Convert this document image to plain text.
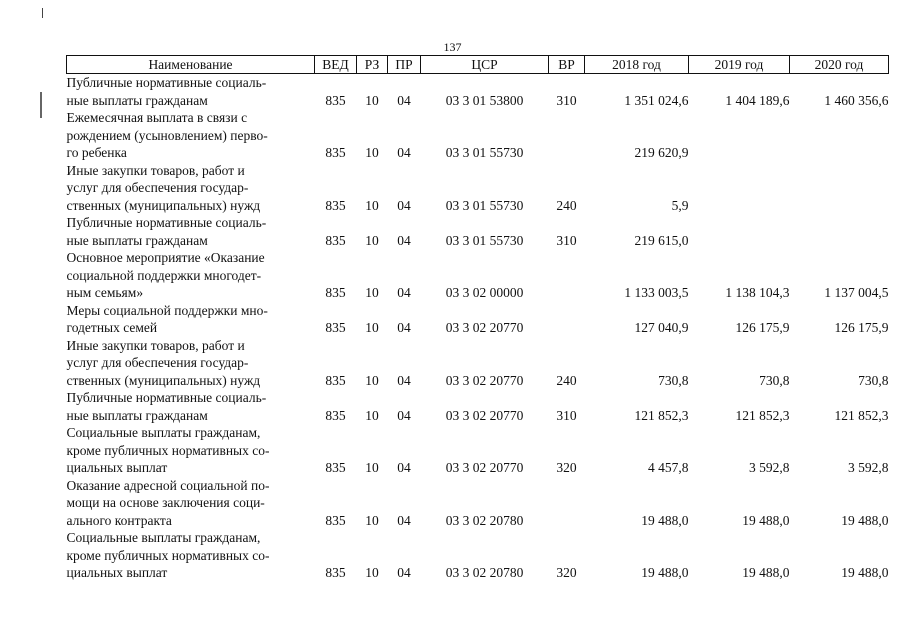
137
Наименование	ВЕД	РЗ	ПР	ЦСР	ВР	2018 год	2019 год	2020 год

Публичные нормативные социаль-
ные выплаты гражданам	835	10	04	03 3 01 53800	310	1 351 024,6	1 404 189,6	1 460 356,6

Ежемесячная выплата в связи с
рождением (усыновлением) перво-
го ребенка	835	10	04	03 3 01 55730		219 620,9		

Иные закупки товаров, работ и
услуг для обеспечения государ-
ственных (муниципальных) нужд	835	10	04	03 3 01 55730	240	5,9		

Публичные нормативные социаль-
ные выплаты гражданам	835	10	04	03 3 01 55730	310	219 615,0		

Основное мероприятие «Оказание
социальной поддержки многодет-
ным семьям»	835	10	04	03 3 02 00000		1 133 003,5	1 138 104,3	1 137 004,5

Меры социальной поддержки мно-
годетных семей	835	10	04	03 3 02 20770		127 040,9	126 175,9	126 175,9

Иные закупки товаров, работ и
услуг для обеспечения государ-
ственных (муниципальных) нужд	835	10	04	03 3 02 20770	240	730,8	730,8	730,8

Публичные нормативные социаль-
ные выплаты гражданам	835	10	04	03 3 02 20770	310	121 852,3	121 852,3	121 852,3

Социальные выплаты гражданам,
кроме публичных нормативных со-
циальных выплат	835	10	04	03 3 02 20770	320	4 457,8	3 592,8	3 592,8

Оказание адресной социальной по-
мощи на основе заключения соци-
ального контракта	835	10	04	03 3 02 20780		19 488,0	19 488,0	19 488,0

Социальные выплаты гражданам,
кроме публичных нормативных со-
циальных выплат	835	10	04	03 3 02 20780	320	19 488,0	19 488,0	19 488,0
